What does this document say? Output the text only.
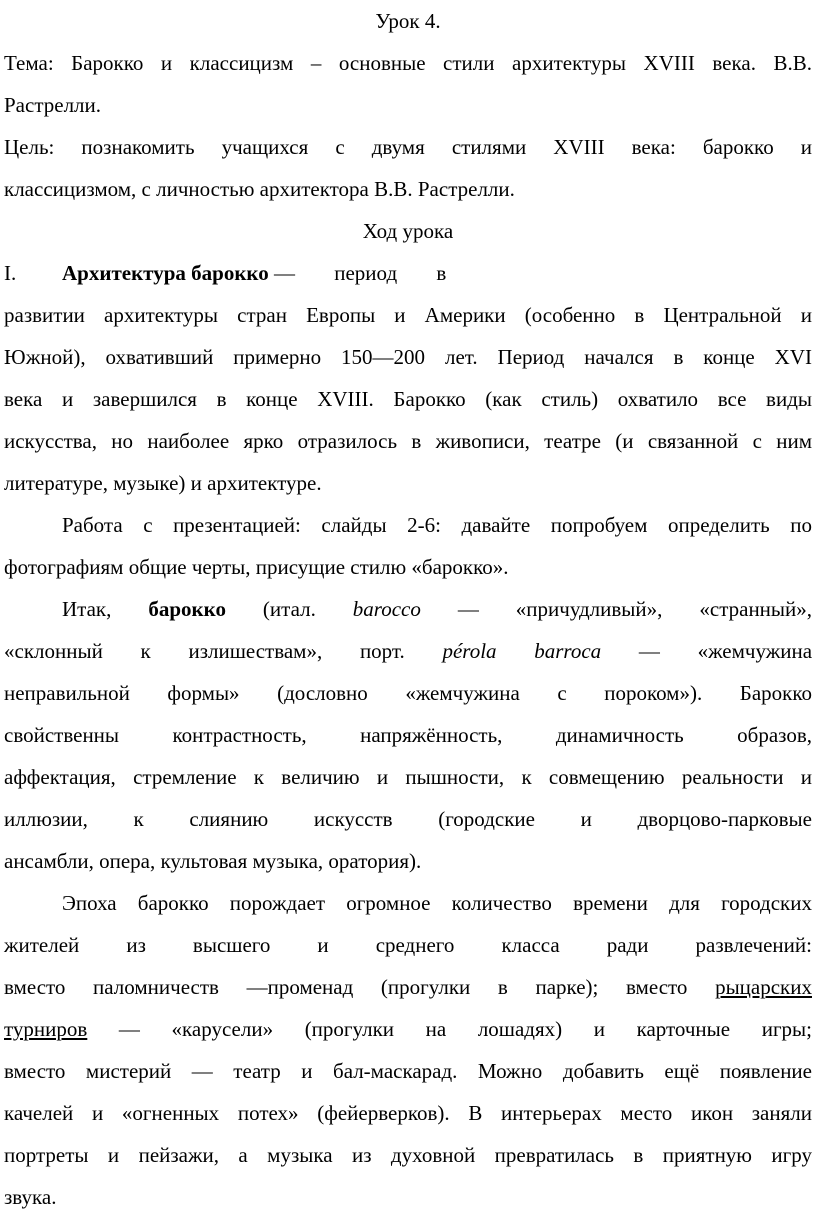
Урок 4.
Тема: Барокко и классицизм – основные стили архитектуры XVIII века. В.В.
Растрелли.
Цель: познакомить учащихся с двумя стилями XVIII века: барокко и
классицизмом, с личностью архитектора В.В. Растрелли.
Ход урока
I. Архитектура барокко — период в
развитии архитектуры стран Европы и Америки (особенно в Центральной и
Южной), охвативший примерно 150—200 лет. Период начался в конце XVI
века и завершился в конце XVIII. Барокко (как стиль) охватило все виды
искусства, но наиболее ярко отразилось в живописи, театре (и связанной с ним
литературе, музыке) и архитектуре.
Работа с презентацией: слайды 2-6: давайте попробуем определить по
фотографиям общие черты, присущие стилю «барокко».
Итак, барокко (итал. barocco — «причудливый», «странный»,
«склонный к излишествам», порт. pérola barroca — «жемчужина
неправильной формы» (дословно «жемчужина с пороком»). Барокко
свойственны контрастность, напряжённость, динамичность образов,
аффектация, стремление к величию и пышности, к совмещению реальности и
иллюзии, к слиянию искусств (городские и дворцово-парковые
ансамбли, опера, культовая музыка, оратория).
Эпоха барокко порождает огромное количество времени для городских
жителей из высшего и среднего класса ради развлечений:
вместо паломничеств —променад (прогулки в парке); вместо рыцарских
турниров — «карусели» (прогулки на лошадях) и карточные игры;
вместо мистерий — театр и бал-маскарад. Можно добавить ещё появление
качелей и «огненных потех» (фейерверков). В интерьерах место икон заняли
портреты и пейзажи, а музыка из духовной превратилась в приятную игру
звука.
